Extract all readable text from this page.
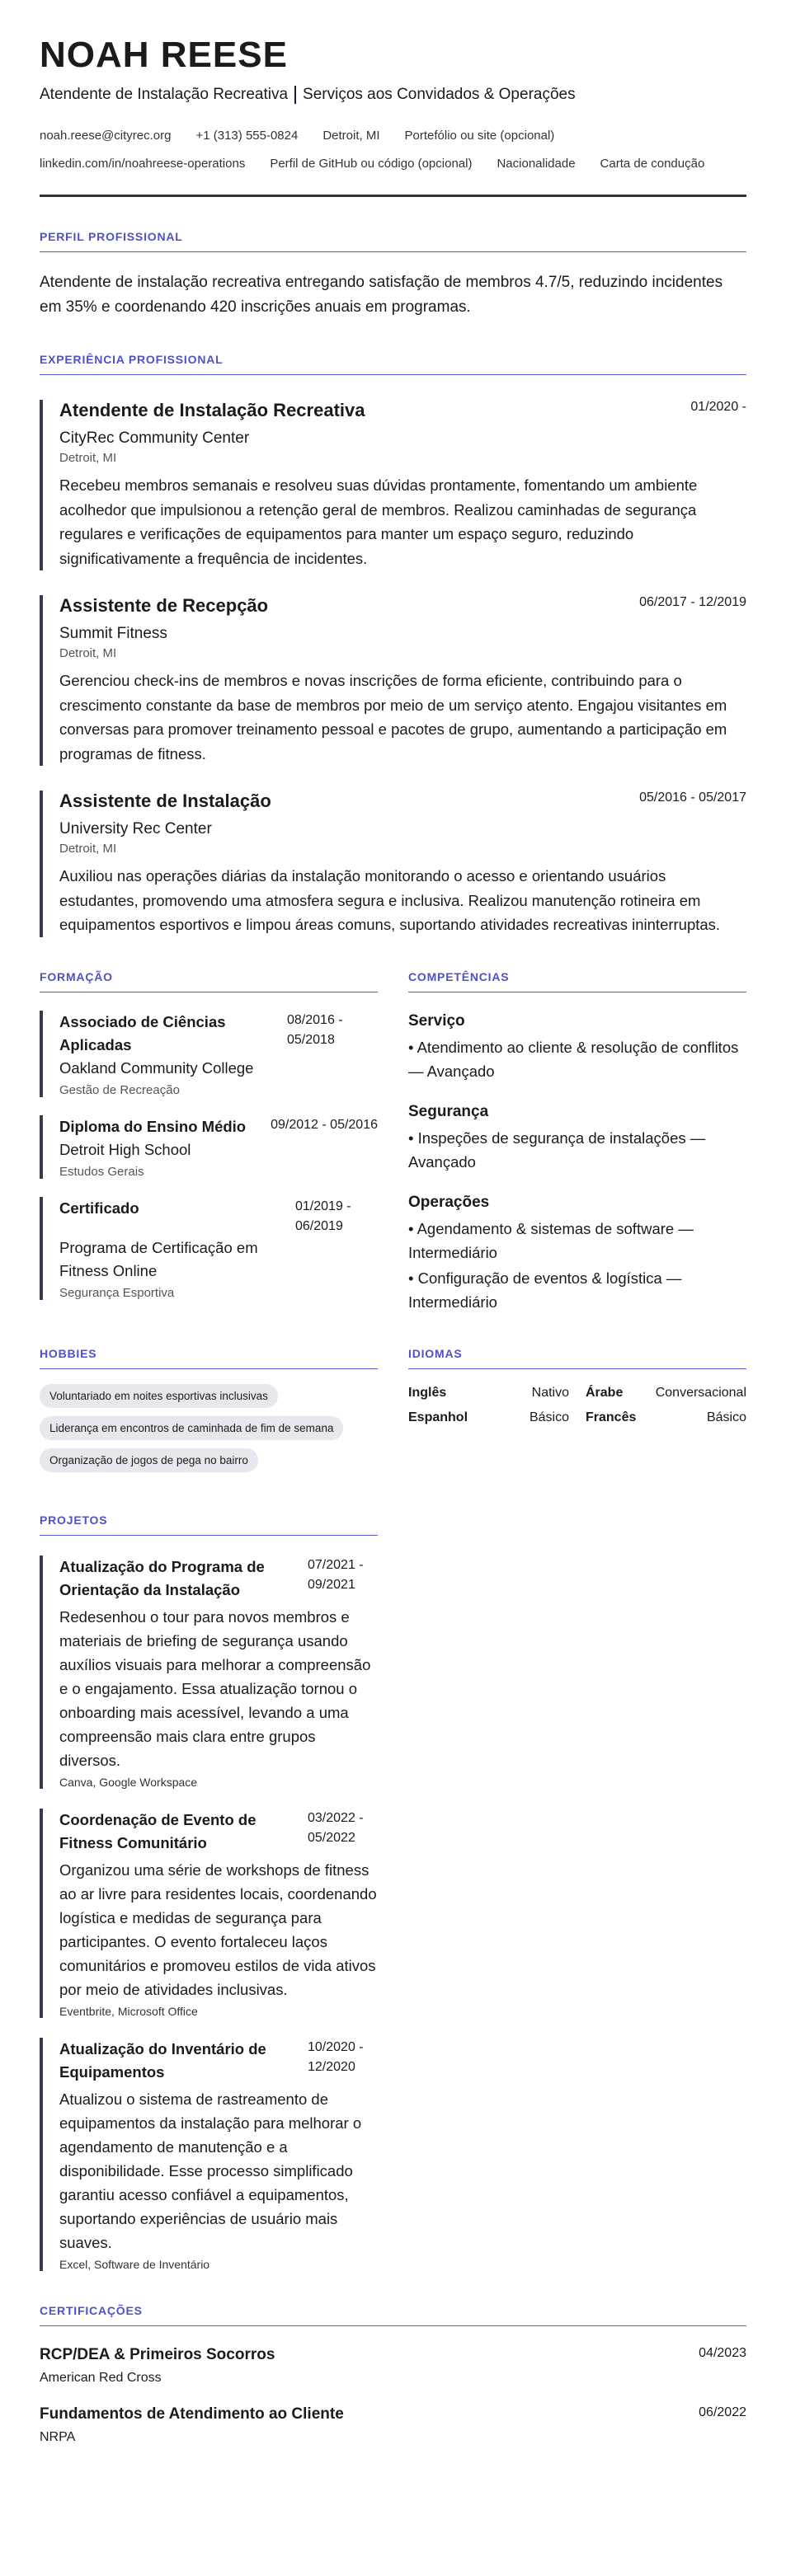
NOAH REESE
Atendente de Instalação Recreativa Serviços aos Convidados & Operações
noah.reese@cityrec.org +1 (313) 555-0824 Detroit, MI Portefólio ou site (opcional)
linkedin.com/in/noahreese-operations Perfil de GitHub ou código (opcional) Nacionalidade Carta de condução
PERFIL PROFISSIONAL
Atendente de instalação recreativa entregando satisfação de membros 4.7/5, reduzindo incidentes em 35% e coordenando 420 inscrições anuais em programas.
EXPERIÊNCIA PROFISSIONAL
Atendente de Instalação Recreativa	01/2020 -
CityRec Community Center
Detroit, MI
Recebeu membros semanais e resolveu suas dúvidas prontamente, fomentando um ambiente acolhedor que impulsionou a retenção geral de membros. Realizou caminhadas de segurança regulares e verificações de equipamentos para manter um espaço seguro, reduzindo significativamente a frequência de incidentes.
Assistente de Recepção	06/2017 - 12/2019
Summit Fitness
Detroit, MI
Gerenciou check-ins de membros e novas inscrições de forma eficiente, contribuindo para o crescimento constante da base de membros por meio de um serviço atento. Engajou visitantes em conversas para promover treinamento pessoal e pacotes de grupo, aumentando a participação em programas de fitness.
Assistente de Instalação	05/2016 - 05/2017
University Rec Center
Detroit, MI
Auxiliou nas operações diárias da instalação monitorando o acesso e orientando usuários estudantes, promovendo uma atmosfera segura e inclusiva. Realizou manutenção rotineira em equipamentos esportivos e limpou áreas comuns, suportando atividades recreativas ininterruptas.
FORMAÇÃO
Associado de Ciências Aplicadas
08/2016 - 05/2018
Oakland Community College
Gestão de Recreação
Diploma do Ensino Médio 09/2012 - 05/2016
Detroit High School
Estudos Gerais
Certificado	01/2019 - 06/2019
Programa de Certificação em Fitness Online
Segurança Esportiva
COMPETÊNCIAS
Serviço
• Atendimento ao cliente & resolução de conflitos — Avançado
Segurança
• Inspeções de segurança de instalações — Avançado
Operações
• Agendamento & sistemas de software — Intermediário
• Configuração de eventos & logística — Intermediário
HOBBIES
Voluntariado em noites esportivas inclusivas
Liderança em encontros de caminhada de fim de semana
Organização de jogos de pega no bairro
IDIOMAS
Inglês	Nativo Árabe Conversacional
Espanhol	Básico Francês	Básico
PROJETOS
Atualização do Programa de Orientação da Instalação
07/2021 - 09/2021
Redesenhou o tour para novos membros e materiais de briefing de segurança usando auxílios visuais para melhorar a compreensão e o engajamento. Essa atualização tornou o onboarding mais acessível, levando a uma compreensão mais clara entre grupos diversos.
Canva, Google Workspace
Coordenação de Evento de Fitness Comunitário
03/2022 - 05/2022
Organizou uma série de workshops de fitness ao ar livre para residentes locais, coordenando logística e medidas de segurança para participantes. O evento fortaleceu laços comunitários e promoveu estilos de vida ativos por meio de atividades inclusivas.
Eventbrite, Microsoft Office
Atualização do Inventário de Equipamentos
10/2020 - 12/2020
Atualizou o sistema de rastreamento de equipamentos da instalação para melhorar o agendamento de manutenção e a disponibilidade. Esse processo simplificado garantiu acesso confiável a equipamentos, suportando experiências de usuário mais suaves.
Excel, Software de Inventário
CERTIFICAÇÕES
RCP/DEA & Primeiros Socorros	04/2023
American Red Cross
Fundamentos de Atendimento ao Cliente	06/2022
NRPA
